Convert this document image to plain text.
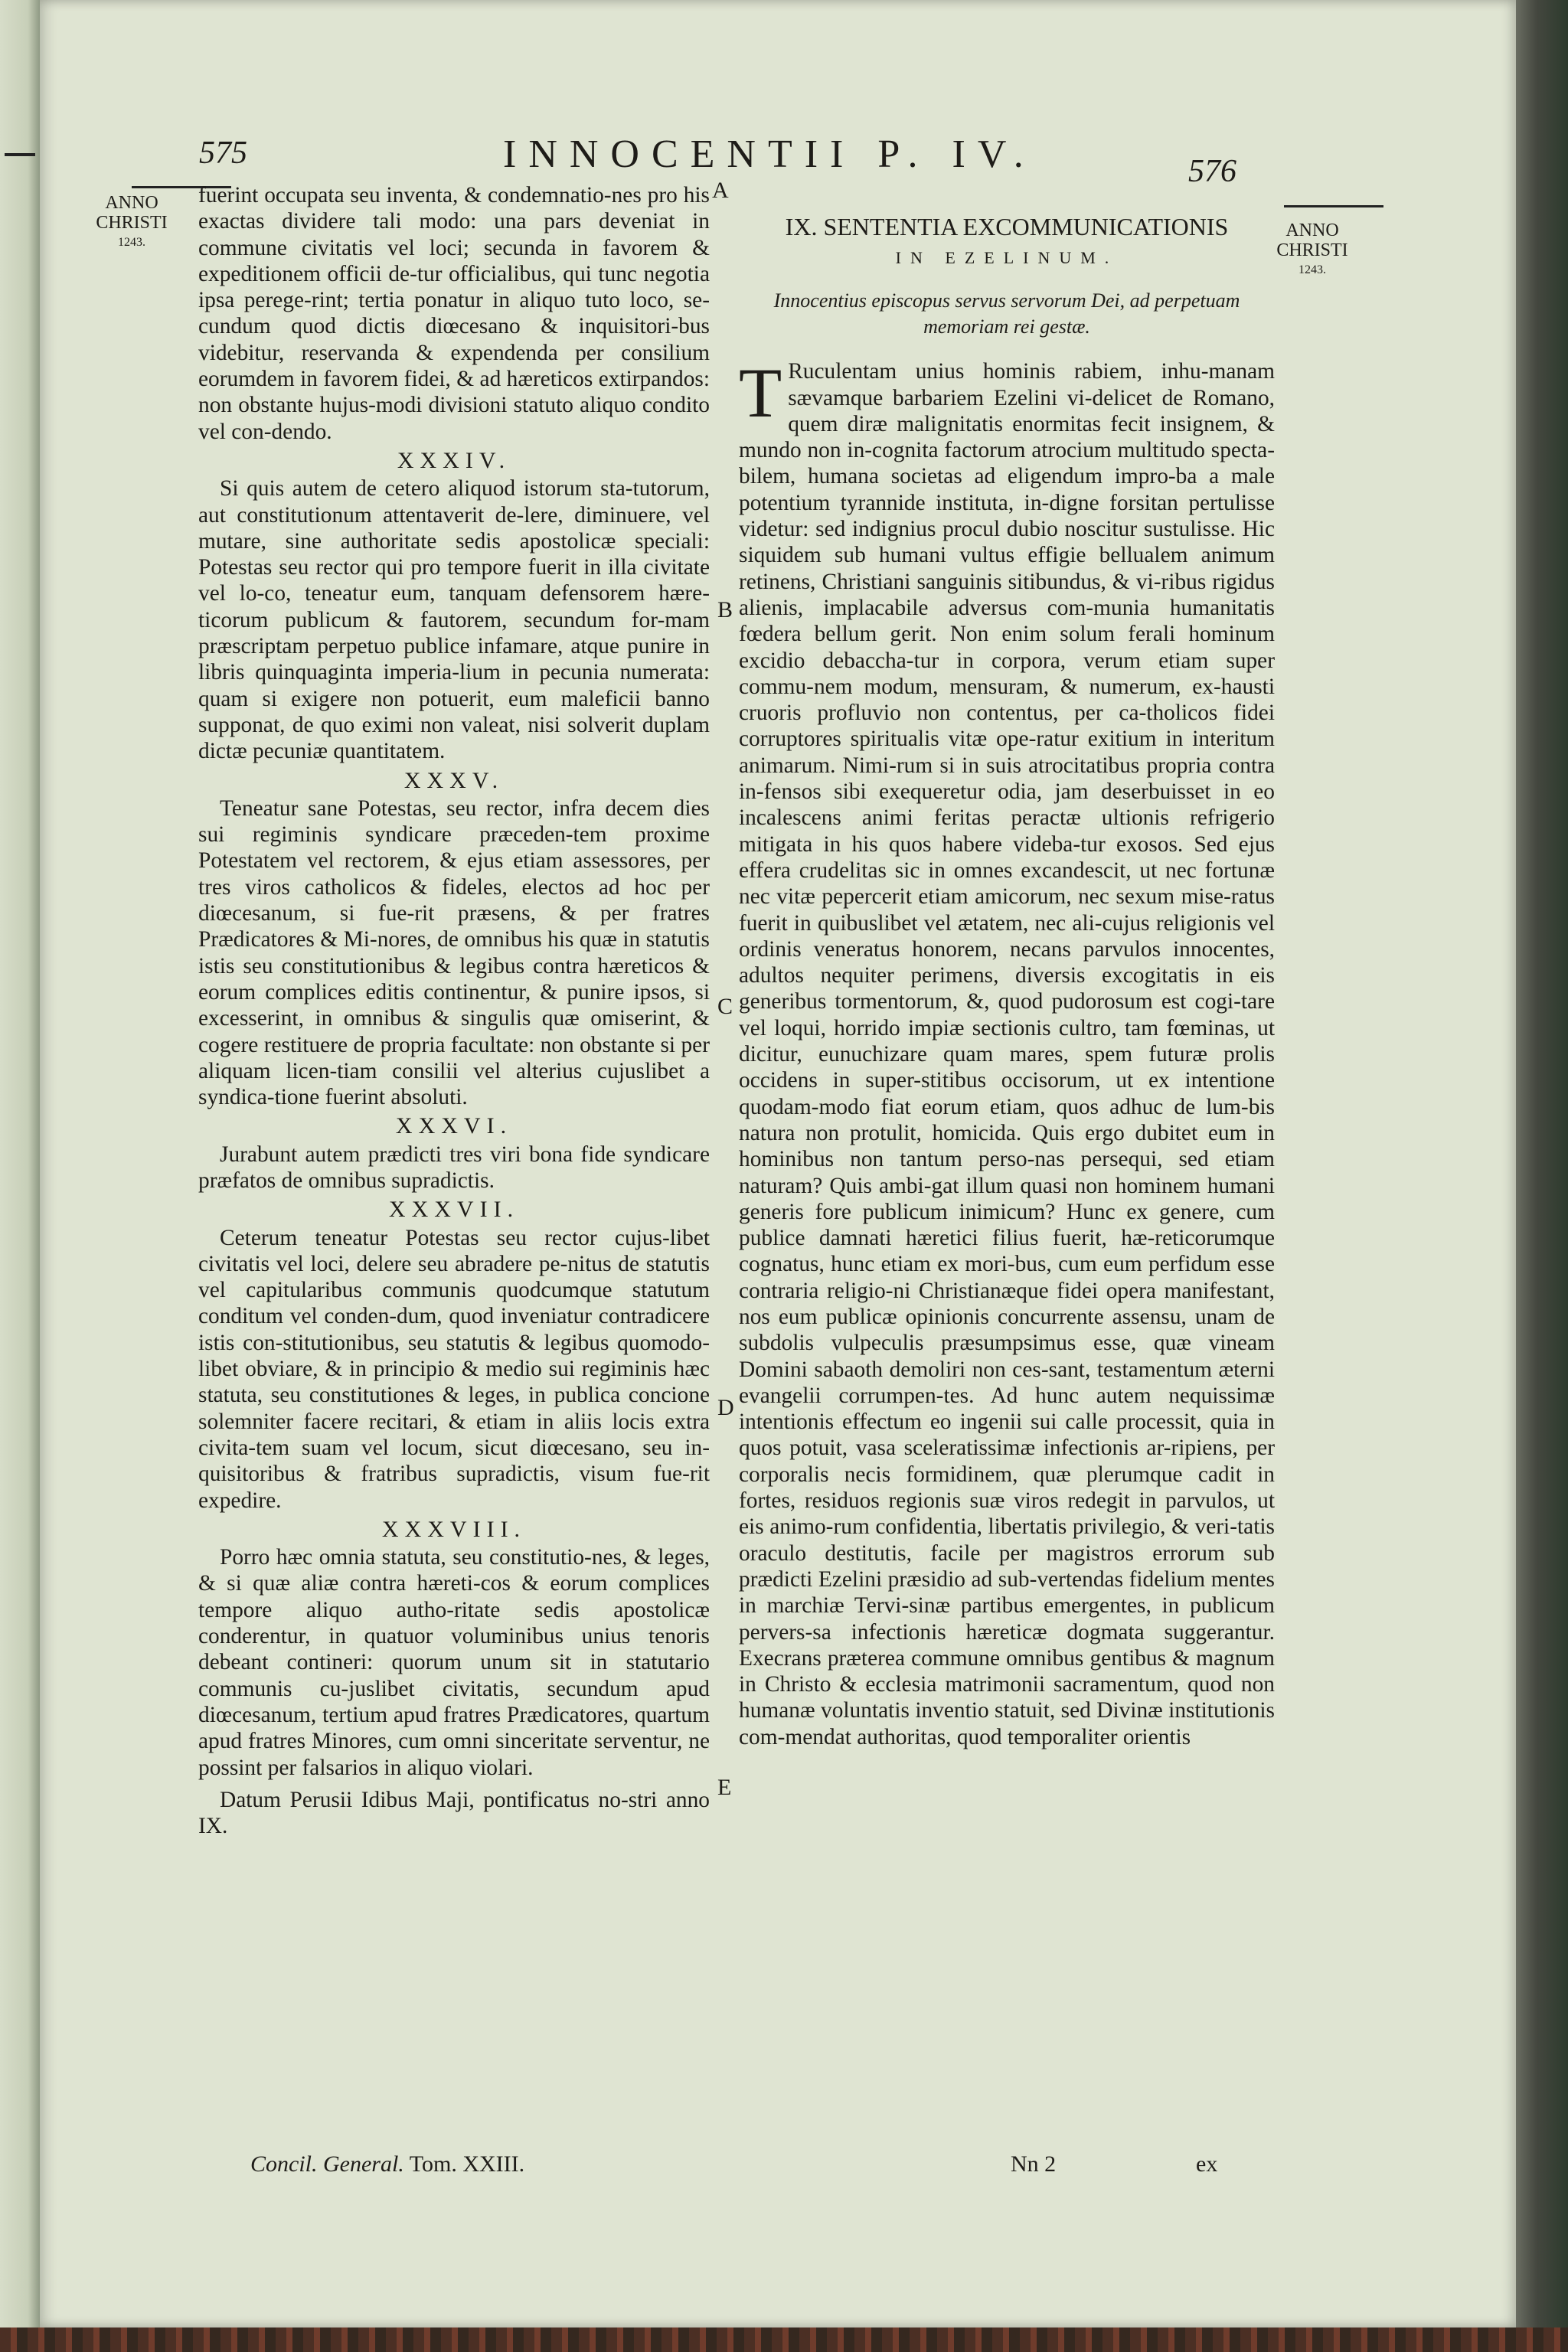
575	INNOCENTII P. IV.	576
ANNO
CHRISTI
1243.
ANNO
CHRISTI
1243.
A
B
C
D
E

fuerint occupata seu inventa, & condemnatio-nes pro his exactas dividere tali modo: una pars deveniat in commune civitatis vel loci; secunda in favorem & expeditionem officii de-tur officialibus, qui tunc negotia ipsa perege-rint; tertia ponatur in aliquo tuto loco, se-cundum quod dictis diœcesano & inquisitori-bus videbitur, reservanda & expendenda per consilium eorumdem in favorem fidei, & ad hæreticos extirpandos: non obstante hujus-modi divisioni statuto aliquo condito vel con-dendo.

XXXIV.

Si quis autem de cetero aliquod istorum sta-tutorum, aut constitutionum attentaverit de-lere, diminuere, vel mutare, sine authoritate sedis apostolicæ speciali: Potestas seu rector qui pro tempore fuerit in illa civitate vel lo-co, teneatur eum, tanquam defensorem hære-ticorum publicum & fautorem, secundum for-mam præscriptam perpetuo publice infamare, atque punire in libris quinquaginta imperia-lium in pecunia numerata: quam si exigere non potuerit, eum maleficii banno supponat, de quo eximi non valeat, nisi solverit duplam dictæ pecuniæ quantitatem.

XXXV.

Teneatur sane Potestas, seu rector, infra decem dies sui regiminis syndicare præceden-tem proxime Potestatem vel rectorem, & ejus etiam assessores, per tres viros catholicos & fideles, electos ad hoc per diœcesanum, si fue-rit præsens, & per fratres Prædicatores & Mi-nores, de omnibus his quæ in statutis istis seu constitutionibus & legibus contra hæreticos & eorum complices editis continentur, & punire ipsos, si excesserint, in omnibus & singulis quæ omiserint, & cogere restituere de propria facultate: non obstante si per aliquam licen-tiam consilii vel alterius cujuslibet a syndica-tione fuerint absoluti.

XXXVI.

Jurabunt autem prædicti tres viri bona fide syndicare præfatos de omnibus supradictis.

XXXVII.

Ceterum teneatur Potestas seu rector cujus-libet civitatis vel loci, delere seu abradere pe-nitus de statutis vel capitularibus communis quodcumque statutum conditum vel conden-dum, quod inveniatur contradicere istis con-stitutionibus, seu statutis & legibus quomodo-libet obviare, & in principio & medio sui regiminis hæc statuta, seu constitutiones & leges, in publica concione solemniter facere recitari, & etiam in aliis locis extra civita-tem suam vel locum, sicut diœcesano, seu in-quisitoribus & fratribus supradictis, visum fue-rit expedire.

XXXVIII.

Porro hæc omnia statuta, seu constitutio-nes, & leges, & si quæ aliæ contra hæreti-cos & eorum complices tempore aliquo autho-ritate sedis apostolicæ conderentur, in quatuor voluminibus unius tenoris debeant contineri: quorum unum sit in statutario communis cu-juslibet civitatis, secundum apud diœcesanum, tertium apud fratres Prædicatores, quartum apud fratres Minores, cum omni sinceritate serventur, ne possint per falsarios in aliquo violari.

Datum Perusii Idibus Maji, pontificatus no-stri anno IX.

IX. SENTENTIA EXCOMMUNICATIONIS
IN EZELINUM.
Innocentius episcopus servus servorum Dei, ad perpetuam memoriam rei gestæ.

T Ruculentam unius hominis rabiem, inhu-manam sævamque barbariem Ezelini vi-delicet de Romano, quem diræ malignitatis enormitas fecit insignem, & mundo non in-cognita factorum atrocium multitudo specta-bilem, humana societas ad eligendum impro-ba a male potentium tyrannide instituta, in-digne forsitan pertulisse videtur: sed indignius procul dubio noscitur sustulisse. Hic siquidem sub humani vultus effigie bellualem animum retinens, Christiani sanguinis sitibundus, & vi-ribus rigidus alienis, implacabile adversus com-munia humanitatis fœdera bellum gerit. Non enim solum ferali hominum excidio debaccha-tur in corpora, verum etiam super commu-nem modum, mensuram, & numerum, ex-hausti cruoris profluvio non contentus, per ca-tholicos fidei corruptores spiritualis vitæ ope-ratur exitium in interitum animarum. Nimi-rum si in suis atrocitatibus propria contra in-fensos sibi exequeretur odia, jam deserbuisset in eo incalescens animi feritas peractæ ultionis refrigerio mitigata in his quos habere videba-tur exosos. Sed ejus effera crudelitas sic in omnes excandescit, ut nec fortunæ nec vitæ pepercerit etiam amicorum, nec sexum mise-ratus fuerit in quibuslibet vel ætatem, nec ali-cujus religionis vel ordinis veneratus honorem, necans parvulos innocentes, adultos nequiter perimens, diversis excogitatis in eis generibus tormentorum, &, quod pudorosum est cogi-tare vel loqui, horrido impiæ sectionis cultro, tam fœminas, ut dicitur, eunuchizare quam mares, spem futuræ prolis occidens in super-stitibus occisorum, ut ex intentione quodam-modo fiat eorum etiam, quos adhuc de lum-bis natura non protulit, homicida. Quis ergo dubitet eum in hominibus non tantum perso-nas persequi, sed etiam naturam? Quis ambi-gat illum quasi non hominem humani generis fore publicum inimicum? Hunc ex genere, cum publice damnati hæretici filius fuerit, hæ-reticorumque cognatus, hunc etiam ex mori-bus, cum eum perfidum esse contraria religio-ni Christianæque fidei opera manifestant, nos eum publicæ opinionis concurrente assensu, unam de subdolis vulpeculis præsumpsimus esse, quæ vineam Domini sabaoth demoliri non ces-sant, testamentum æterni evangelii corrumpen-tes. Ad hunc autem nequissimæ intentionis effectum eo ingenii sui calle processit, quia in quos potuit, vasa sceleratissimæ infectionis ar-ripiens, per corporalis necis formidinem, quæ plerumque cadit in fortes, residuos regionis suæ viros redegit in parvulos, ut eis animo-rum confidentia, libertatis privilegio, & veri-tatis oraculo destitutis, facile per magistros errorum sub prædicti Ezelini præsidio ad sub-vertendas fidelium mentes in marchiæ Tervi-sinæ partibus emergentes, in publicum pervers-sa infectionis hæreticæ dogmata suggerantur. Execrans præterea commune omnibus gentibus & magnum in Christo & ecclesia matrimonii sacramentum, quod non humanæ voluntatis inventio statuit, sed Divinæ institutionis com-mendat authoritas, quod temporaliter orientis

Concil. General. Tom. XXIII.	Nn 2	ex
